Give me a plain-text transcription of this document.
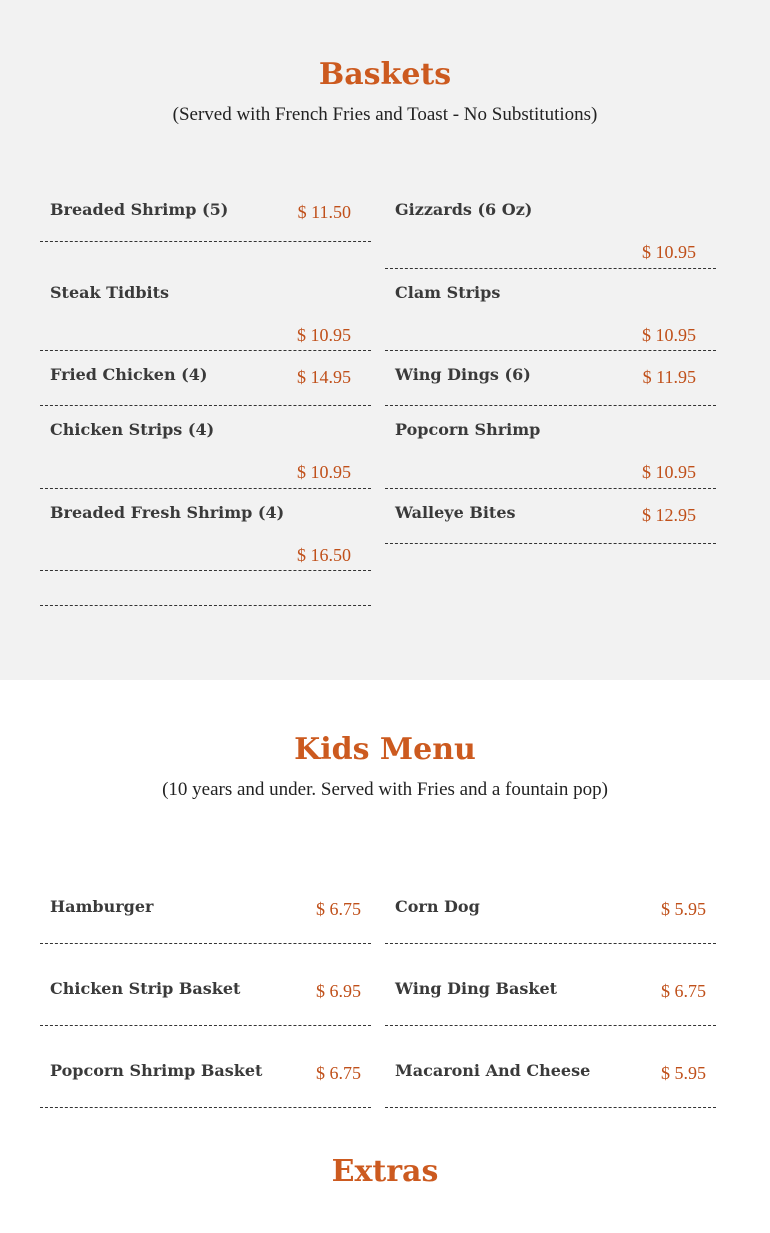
Baskets

(Served with French Fries and Toast - No Substitutions)

Breaded Shrimp (5)	$ 11.50
Steak Tidbits
$ 10.95
Fried Chicken (4)	$ 14.95
Chicken Strips (4)
$ 10.95
Breaded Fresh Shrimp (4)
$ 16.50
Gizzards (6 Oz)
$ 10.95
Clam Strips
$ 10.95
Wing Dings (6)	$ 11.95
Popcorn Shrimp
$ 10.95
Walleye Bites	$ 12.95
Kids Menu

(10 years and under. Served with Fries and a fountain pop)

Hamburger	$ 6.75
Chicken Strip Basket	$ 6.95
Popcorn Shrimp Basket	$ 6.75
Corn Dog	$ 5.95
Wing Ding Basket	$ 6.75
Macaroni And Cheese	$ 5.95
Extras
